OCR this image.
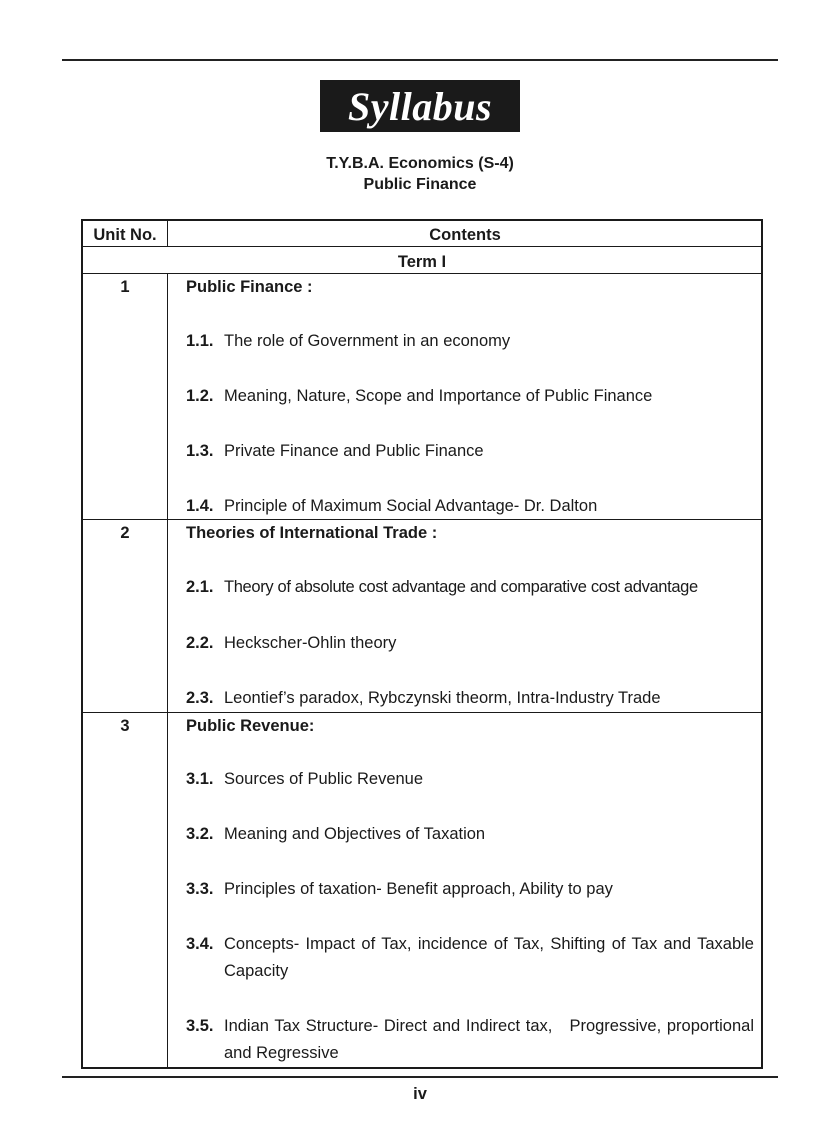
Syllabus
T.Y.B.A. Economics (S-4)
Public Finance
Unit No.	Contents
Term I
1	Public Finance :
1.1. The role of Government in an economy
1.2. Meaning, Nature, Scope and Importance of Public Finance
1.3. Private Finance and Public Finance
1.4. Principle of Maximum Social Advantage- Dr. Dalton
2	Theories of International Trade :
2.1. Theory of absolute cost advantage and comparative cost advantage
2.2. Heckscher-Ohlin theory
2.3. Leontief’s paradox, Rybczynski theorm, Intra-Industry Trade
3	Public Revenue:
3.1. Sources of Public Revenue
3.2. Meaning and Objectives of Taxation
3.3. Principles of taxation- Benefit approach, Ability to pay
3.4. Concepts- Impact of Tax, incidence of Tax, Shifting of Tax and Taxable Capacity
3.5. Indian Tax Structure- Direct and Indirect tax,   Progressive, proportional and Regressive
iv
